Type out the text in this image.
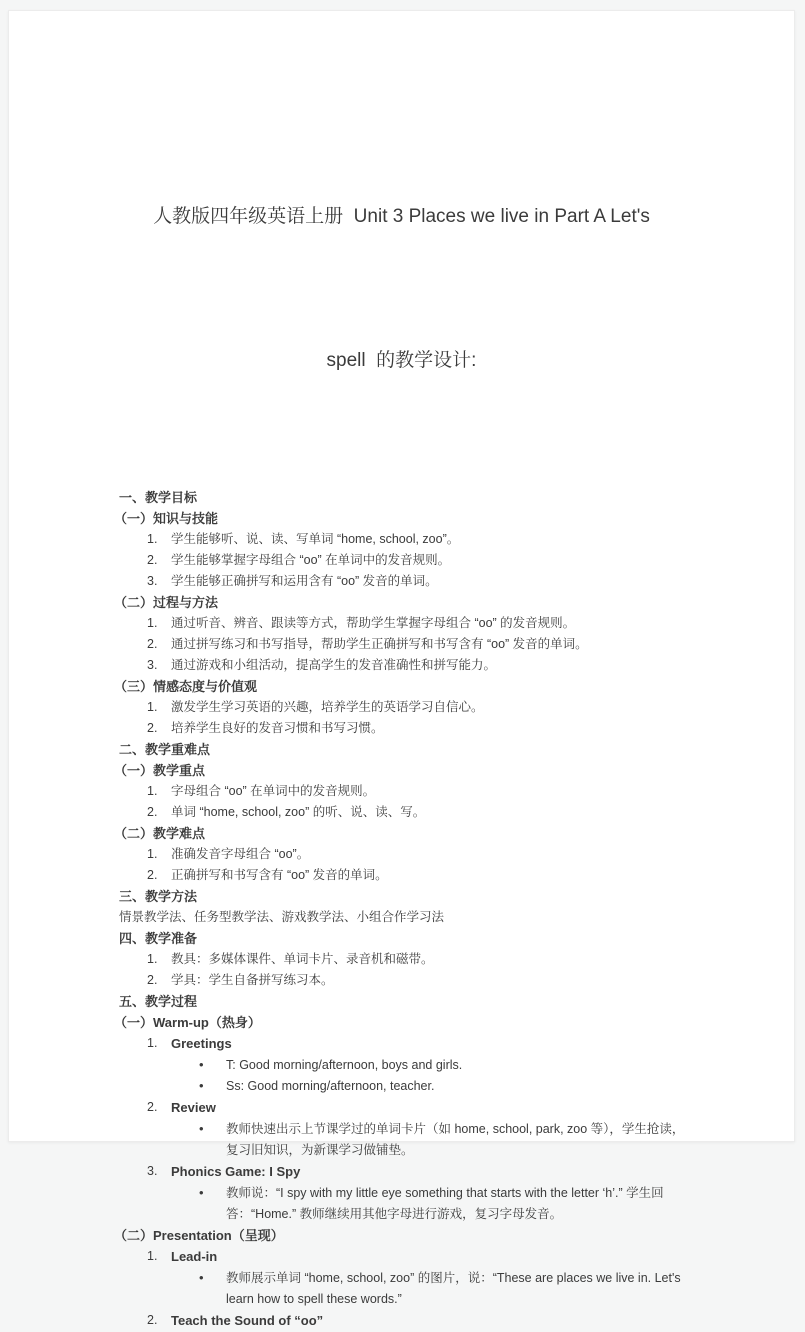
人教版四年级英语上册  Unit 3 Places we live in Part A Let's

spell  的教学设计:

一、教学目标
（一）知识与技能
1. 学生能够听、说、读、写单词 “home, school, zoo”。
2. 学生能够掌握字母组合 “oo” 在单词中的发音规则。
3. 学生能够正确拼写和运用含有 “oo” 发音的单词。
（二）过程与方法
1. 通过听音、辨音、跟读等方式，帮助学生掌握字母组合 “oo” 的发音规则。
2. 通过拼写练习和书写指导，帮助学生正确拼写和书写含有 “oo” 发音的单词。
3. 通过游戏和小组活动，提高学生的发音准确性和拼写能力。
（三）情感态度与价值观
1. 激发学生学习英语的兴趣，培养学生的英语学习自信心。
2. 培养学生良好的发音习惯和书写习惯。
二、教学重难点
（一）教学重点
1. 字母组合 “oo” 在单词中的发音规则。
2. 单词 “home, school, zoo” 的听、说、读、写。
（二）教学难点
1. 准确发音字母组合 “oo”。
2. 正确拼写和书写含有 “oo” 发音的单词。
三、教学方法
情景教学法、任务型教学法、游戏教学法、小组合作学习法
四、教学准备
1. 教具：多媒体课件、单词卡片、录音机和磁带。
2. 学具：学生自备拼写练习本。
五、教学过程
（一）Warm-up（热身）
1. Greetings
• T: Good morning/afternoon, boys and girls.
• Ss: Good morning/afternoon, teacher.
2. Review
• 教师快速出示上节课学过的单词卡片（如 home, school, park, zoo 等），学生抢读，复习旧知识，为新课学习做铺垫。
3. Phonics Game: I Spy
• 教师说：“I spy with my little eye something that starts with the letter ‘h’.” 学生回答：“Home.” 教师继续用其他字母进行游戏，复习字母发音。
（二）Presentation（呈现）
1. Lead-in
• 教师展示单词 “home, school, zoo” 的图片，说：“These are places we live in. Let's learn how to spell these words.”
2. Teach the Sound of “oo”
